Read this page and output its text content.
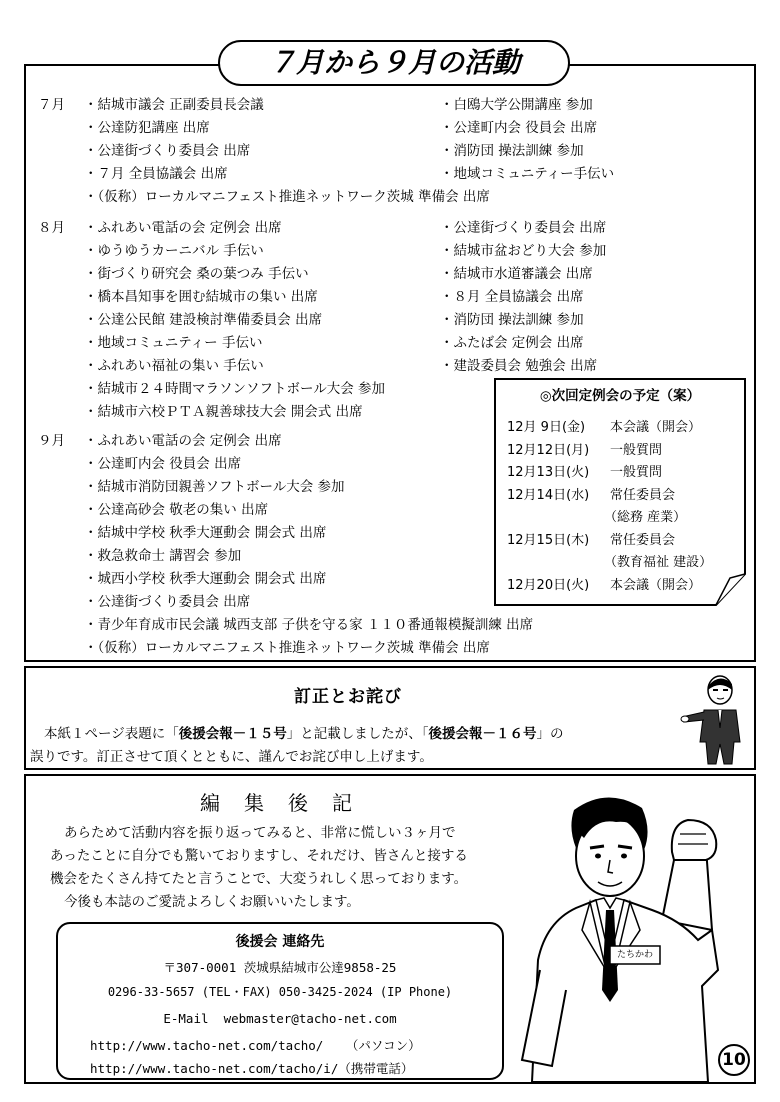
７月から９月の活動
７月 ・結城市議会 正副委員長会議
・公達防犯講座 出席
・公達街づくり委員会 出席
・７月 全員協議会 出席
・（仮称）ローカルマニフェスト推進ネットワーク茨城 準備会 出席
・白鴎大学公開講座 参加
・公達町内会 役員会 出席
・消防団 操法訓練 参加
・地域コミュニティー手伝い
８月 ・ふれあい電話の会 定例会 出席
・ゆうゆうカーニバル 手伝い
・街づくり研究会 桑の葉つみ 手伝い
・橋本昌知事を囲む結城市の集い 出席
・公達公民館 建設検討準備委員会 出席
・地域コミュニティー 手伝い
・ふれあい福祉の集い 手伝い
・結城市２４時間マラソンソフトボール大会 参加
・結城市六校ＰＴＡ親善球技大会 開会式 出席
・公達街づくり委員会 出席
・結城市盆おどり大会 参加
・結城市水道審議会 出席
・８月 全員協議会 出席
・消防団 操法訓練 参加
・ふたば会 定例会 出席
・建設委員会 勉強会 出席
９月 ・ふれあい電話の会 定例会 出席
・公達町内会 役員会 出席
・結城市消防団親善ソフトボール大会 参加
・公達高砂会 敬老の集い 出席
・結城中学校 秋季大運動会 開会式 出席
・救急救命士 講習会 参加
・城西小学校 秋季大運動会 開会式 出席
・公達街づくり委員会 出席
・青少年育成市民会議 城西支部 子供を守る家 １１０番通報模擬訓練 出席
・（仮称）ローカルマニフェスト推進ネットワーク茨城 準備会 出席
◎次回定例会の予定（案）
12月 9日(金) 本会議（開会）
12月12日(月) 一般質問
12月13日(火) 一般質問
12月14日(水) 常任委員会
（総務 産業）
12月15日(木) 常任委員会
（教育福祉 建設）
12月20日(火) 本会議（開会）
訂正とお詫び
本紙１ページ表題に「後援会報－１５号」と記載しましたが、「後援会報－１６号」の
誤りです。訂正させて頂くとともに、謹んでお詫び申し上げます。
編　集　後　記
あらためて活動内容を振り返ってみると、非常に慌しい３ヶ月で
あったことに自分でも驚いておりますし、それだけ、皆さんと接する
機会をたくさん持てたと言うことで、大変うれしく思っております。
今後も本誌のご愛読よろしくお願いいたします。
後援会 連絡先
〒307-0001 茨城県結城市公達9858-25
0296-33-5657 (TEL・FAX) 050-3425-2024 (IP Phone)
E-Mail webmaster@tacho-net.com
http://www.tacho-net.com/tacho/ （パソコン）
http://www.tacho-net.com/tacho/i/（携帯電話）
たちかわ
10
